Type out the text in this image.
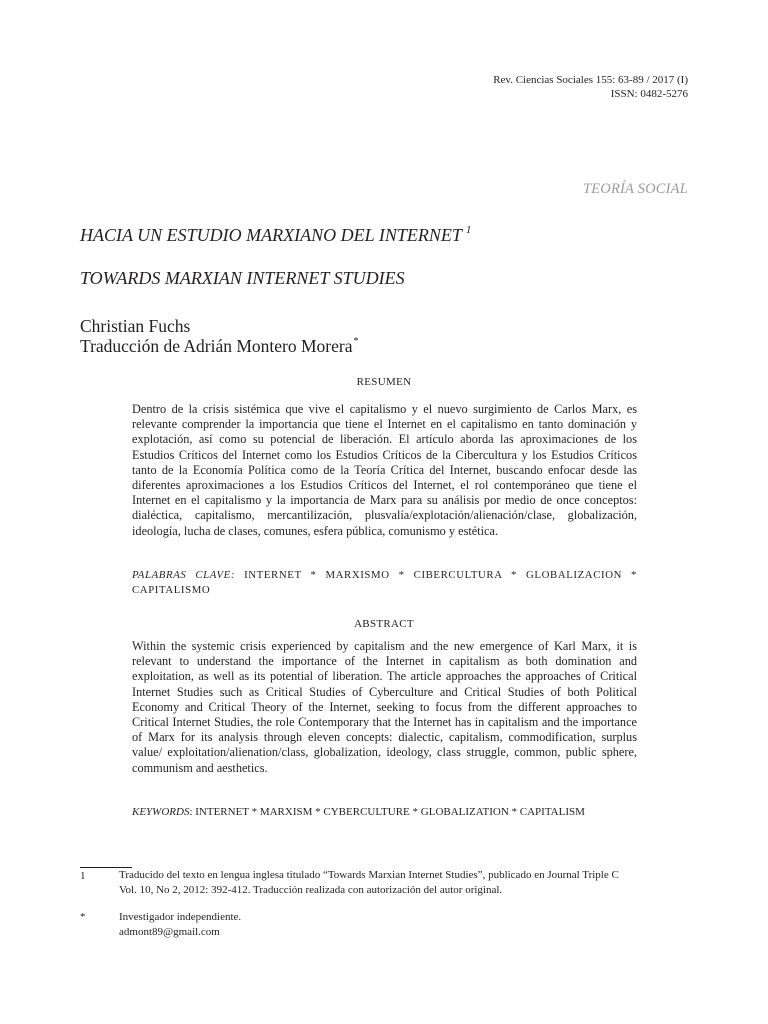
Rev. Ciencias Sociales 155: 63-89 / 2017 (I)
ISSN: 0482-5276
TEORÍA SOCIAL
HACIA UN ESTUDIO MARXIANO DEL INTERNET $^1$
TOWARDS MARXIAN INTERNET STUDIES
Christian Fuchs
Traducción de Adrián Montero Morera*
RESUMEN
Dentro de la crisis sistémica que vive el capitalismo y el nuevo surgimiento de Carlos Marx, es relevante comprender la importancia que tiene el Internet en el capitalismo en tanto dominación y explotación, así como su potencial de liberación. El artículo aborda las aproximaciones de los Estudios Críticos del Internet como los Estudios Críticos de la Cibercultura y los Estudios Críticos tanto de la Economía Política como de la Teoría Crítica del Internet, buscando enfocar desde las diferentes aproximaciones a los Estudios Críticos del Internet, el rol contemporáneo que tiene el Internet en el capitalismo y la importancia de Marx para su análisis por medio de once conceptos: dialéctica, capitalismo, mercantilización, plusvalía/explotación/alienación/clase, globalización, ideología, lucha de clases, comunes, esfera pública, comunismo y estética.
PALABRAS CLAVE: INTERNET * MARXISMO * CIBERCULTURA * GLOBALIZACION * CAPITALISMO
ABSTRACT
Within the systemic crisis experienced by capitalism and the new emergence of Karl Marx, it is relevant to understand the importance of the Internet in capitalism as both domination and exploitation, as well as its potential of liberation. The article approaches the approaches of Critical Internet Studies such as Critical Studies of Cyberculture and Critical Studies of both Political Economy and Critical Theory of the Internet, seeking to focus from the different approaches to Critical Internet Studies, the role Contemporary that the Internet has in capitalism and the importance of Marx for its analysis through eleven concepts: dialectic, capitalism, commodification, surplus value/ exploitation/alienation/class, globalization, ideology, class struggle, common, public sphere, communism and aesthetics.
KEYWORDS: INTERNET * MARXISM * CYBERCULTURE * GLOBALIZATION * CAPITALISM
1	Traducido del texto en lengua inglesa titulado “Towards Marxian Internet Studies”, publicado en Journal Triple C
Vol. 10, No 2, 2012: 392-412. Traducción realizada con autorización del autor original.
*	Investigador independiente.
admont89@gmail.com
